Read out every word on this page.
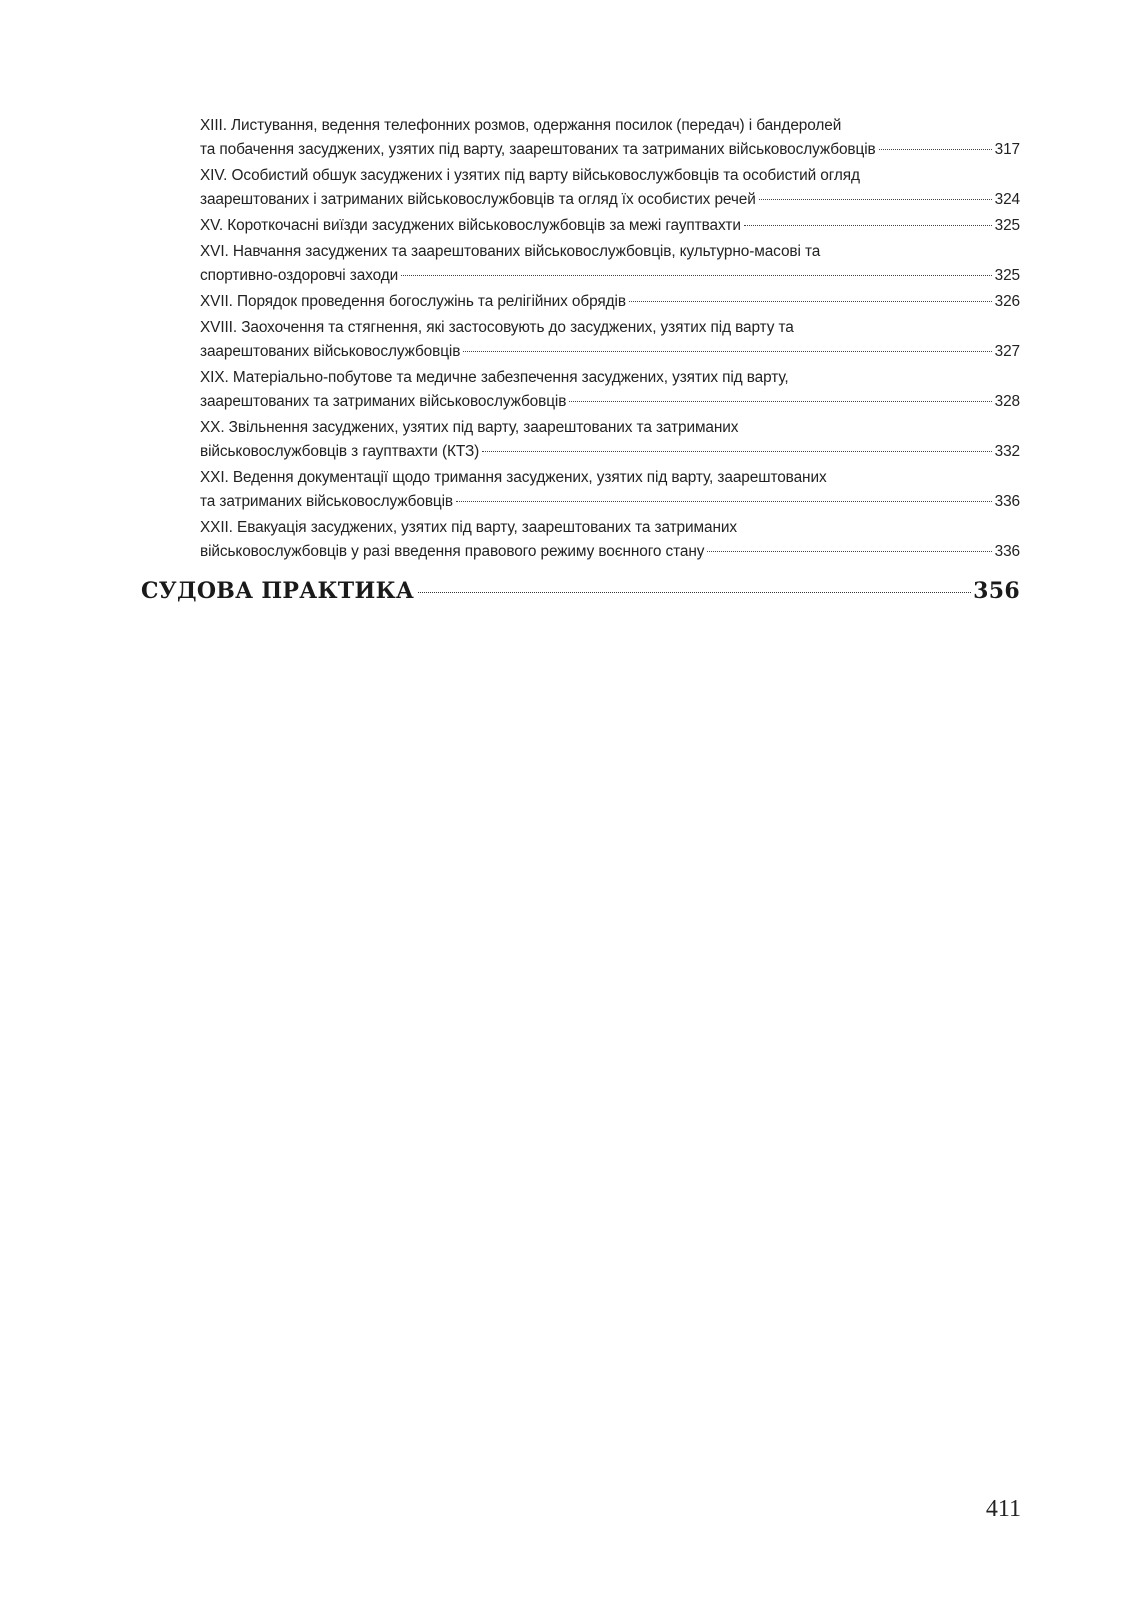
XIII. Листування, ведення телефонних розмов, одержання посилок (передач) і бандеролей
та побачення засуджених, узятих під варту, заарештованих та затриманих військовослужбовців	317
XIV. Особистий обшук засуджених і узятих під варту військовослужбовців та особистий огляд
заарештованих і затриманих військовослужбовців та огляд їх особистих речей	324
XV. Короткочасні виїзди засуджених військовослужбовців за межі гауптвахти	325
XVI. Навчання засуджених та заарештованих військовослужбовців, культурно-масові та
спортивно-оздоровчі заходи	325
XVII. Порядок проведення богослужінь та релігійних обрядів	326
XVIII. Заохочення та стягнення, які застосовують до засуджених, узятих під варту та
заарештованих військовослужбовців	327
XIX. Матеріально-побутове та медичне забезпечення засуджених, узятих під варту,
заарештованих та затриманих військовослужбовців	328
XX. Звільнення засуджених, узятих під варту, заарештованих та затриманих
військовослужбовців з гауптвахти (КТЗ)	332
XXI. Ведення документації щодо тримання засуджених, узятих під варту, заарештованих
та затриманих військовослужбовців	336
XXII. Евакуація засуджених, узятих під варту, заарештованих та затриманих
військовослужбовців у разі введення правового режиму воєнного стану	336
СУДОВА ПРАКТИКА	356
411
